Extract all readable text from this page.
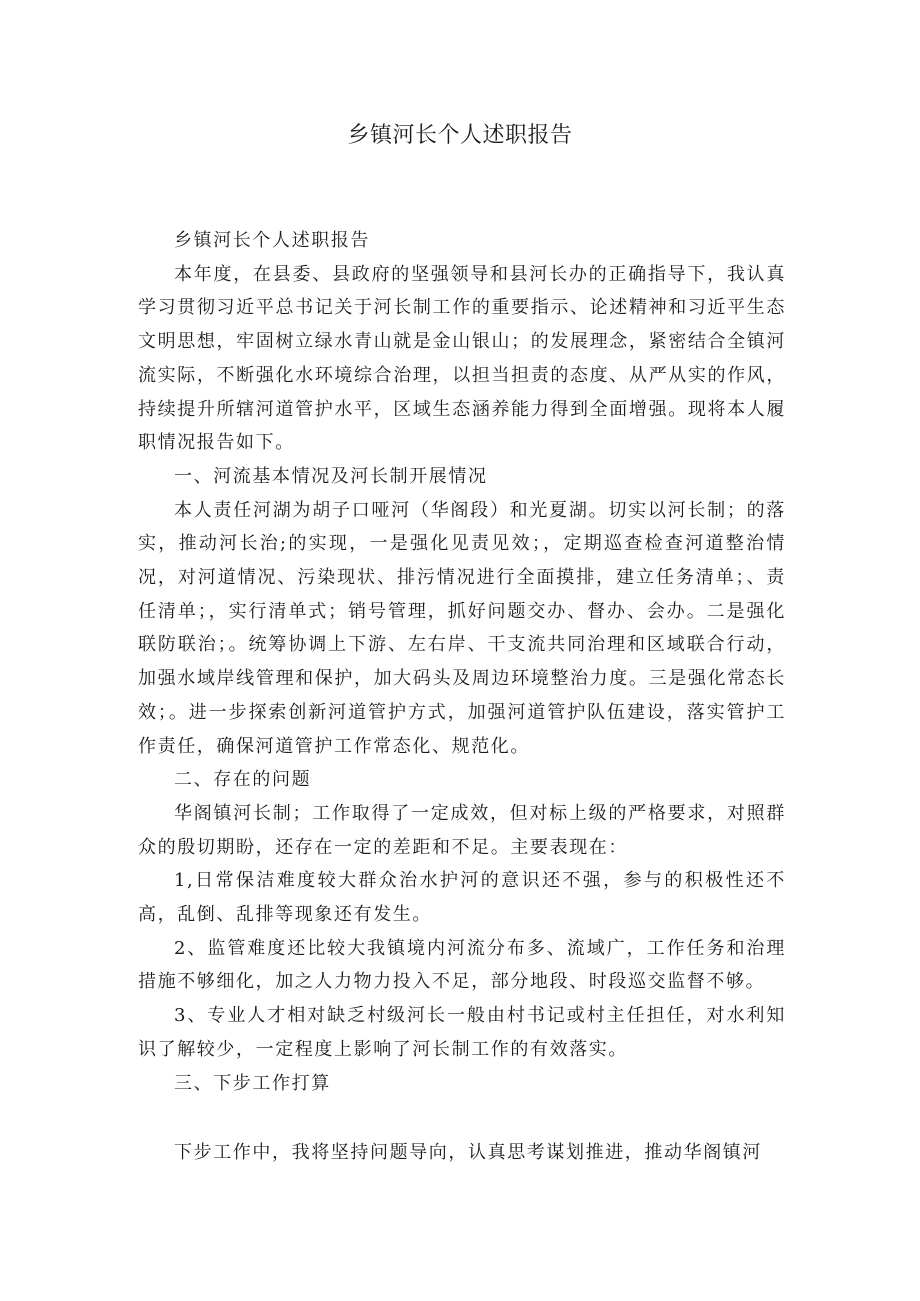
乡镇河长个人述职报告

乡镇河长个人述职报告

本年度，在县委、县政府的坚强领导和县河长办的正确指导下，我认真学习贯彻习近平总书记关于河长制工作的重要指示、论述精神和习近平生态文明思想，牢固树立绿水青山就是金山银山；的发展理念，紧密结合全镇河流实际，不断强化水环境综合治理，以担当担责的态度、从严从实的作风，持续提升所辖河道管护水平，区域生态涵养能力得到全面增强。现将本人履职情况报告如下。

一、河流基本情况及河长制开展情况

本人责任河湖为胡子口哑河（华阁段）和光夏湖。切实以河长制；的落实，推动河长治;的实现，一是强化见责见效；，定期巡查检查河道整治情况，对河道情况、污染现状、排污情况进行全面摸排，建立任务清单；、责任清单；，实行清单式；销号管理，抓好问题交办、督办、会办。二是强化联防联治；。统筹协调上下游、左右岸、干支流共同治理和区域联合行动，加强水域岸线管理和保护，加大码头及周边环境整治力度。三是强化常态长效；。进一步探索创新河道管护方式，加强河道管护队伍建设，落实管护工作责任，确保河道管护工作常态化、规范化。

二、存在的问题

华阁镇河长制；工作取得了一定成效，但对标上级的严格要求，对照群众的殷切期盼，还存在一定的差距和不足。主要表现在：

1,日常保洁难度较大群众治水护河的意识还不强，参与的积极性还不高，乱倒、乱排等现象还有发生。

2、监管难度还比较大我镇境内河流分布多、流域广，工作任务和治理措施不够细化，加之人力物力投入不足，部分地段、时段巡交监督不够。

3、专业人才相对缺乏村级河长一般由村书记或村主任担任，对水利知识了解较少，一定程度上影响了河长制工作的有效落实。

三、下步工作打算

下步工作中，我将坚持问题导向，认真思考谋划推进，推动华阁镇河
